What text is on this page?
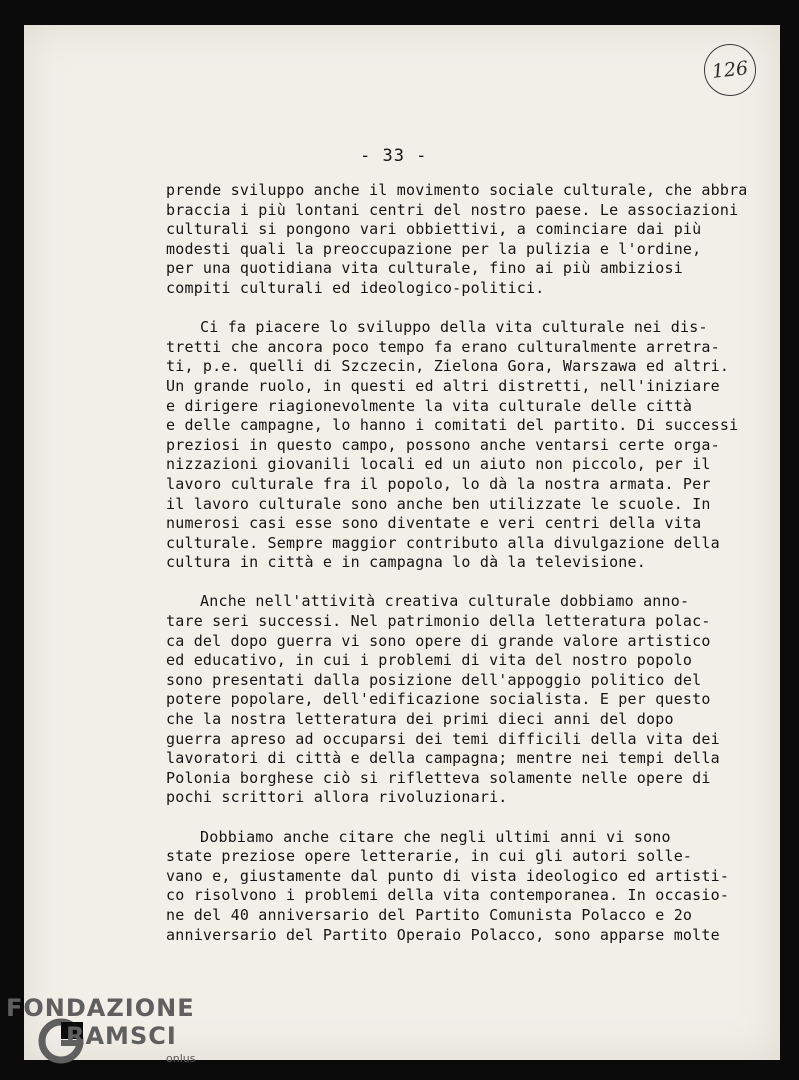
126
- 33 -
prende sviluppo anche il movimento sociale culturale, che abbra
braccia i più lontani centri del nostro paese. Le associazioni
culturali si pongono vari obbiettivi, a cominciare dai più
modesti quali la preoccupazione per la pulizia e l'ordine,
per una quotidiana vita culturale, fino ai più ambiziosi
compiti culturali ed ideologico-politici.
Ci fa piacere lo sviluppo della vita culturale nei dis-
tretti che ancora poco tempo fa erano culturalmente arretra-
ti, p.e. quelli di Szczecin, Zielona Gora, Warszawa ed altri.
Un grande ruolo, in questi ed altri distretti, nell'iniziare
e dirigere riagionevolmente la vita culturale delle città
e delle campagne, lo hanno i comitati del partito. Di successi
preziosi in questo campo, possono anche ventarsi certe orga-
nizzazioni giovanili locali ed un aiuto non piccolo, per il
lavoro culturale fra il popolo, lo dà la nostra armata. Per
il lavoro culturale sono anche ben utilizzate le scuole. In
numerosi casi esse sono diventate e veri centri della vita
culturale. Sempre maggior contributo alla divulgazione della
cultura in città e in campagna lo dà la televisione.
Anche nell'attività creativa culturale dobbiamo anno-
tare seri successi. Nel patrimonio della letteratura polac-
ca del dopo guerra vi sono opere di grande valore artistico
ed educativo, in cui i problemi di vita del nostro popolo
sono presentati dalla posizione dell'appoggio politico del
potere popolare, dell'edificazione socialista. E per questo
che la nostra letteratura dei primi dieci anni del dopo
guerra apreso ad occuparsi dei temi difficili della vita dei
lavoratori di città e della campagna; mentre nei tempi della
Polonia borghese ciò si rifletteva solamente nelle opere di
pochi scrittori allora rivoluzionari.
Dobbiamo anche citare che negli ultimi anni vi sono
state preziose opere letterarie, in cui gli autori solle-
vano e, giustamente dal punto di vista ideologico ed artisti-
co risolvono i problemi della vita contemporanea. In occasio-
ne del 40 anniversario del Partito Comunista Polacco e 2o
anniversario del Partito Operaio Polacco, sono apparse molte
FONDAZIONE
RAMSCI
onlus
